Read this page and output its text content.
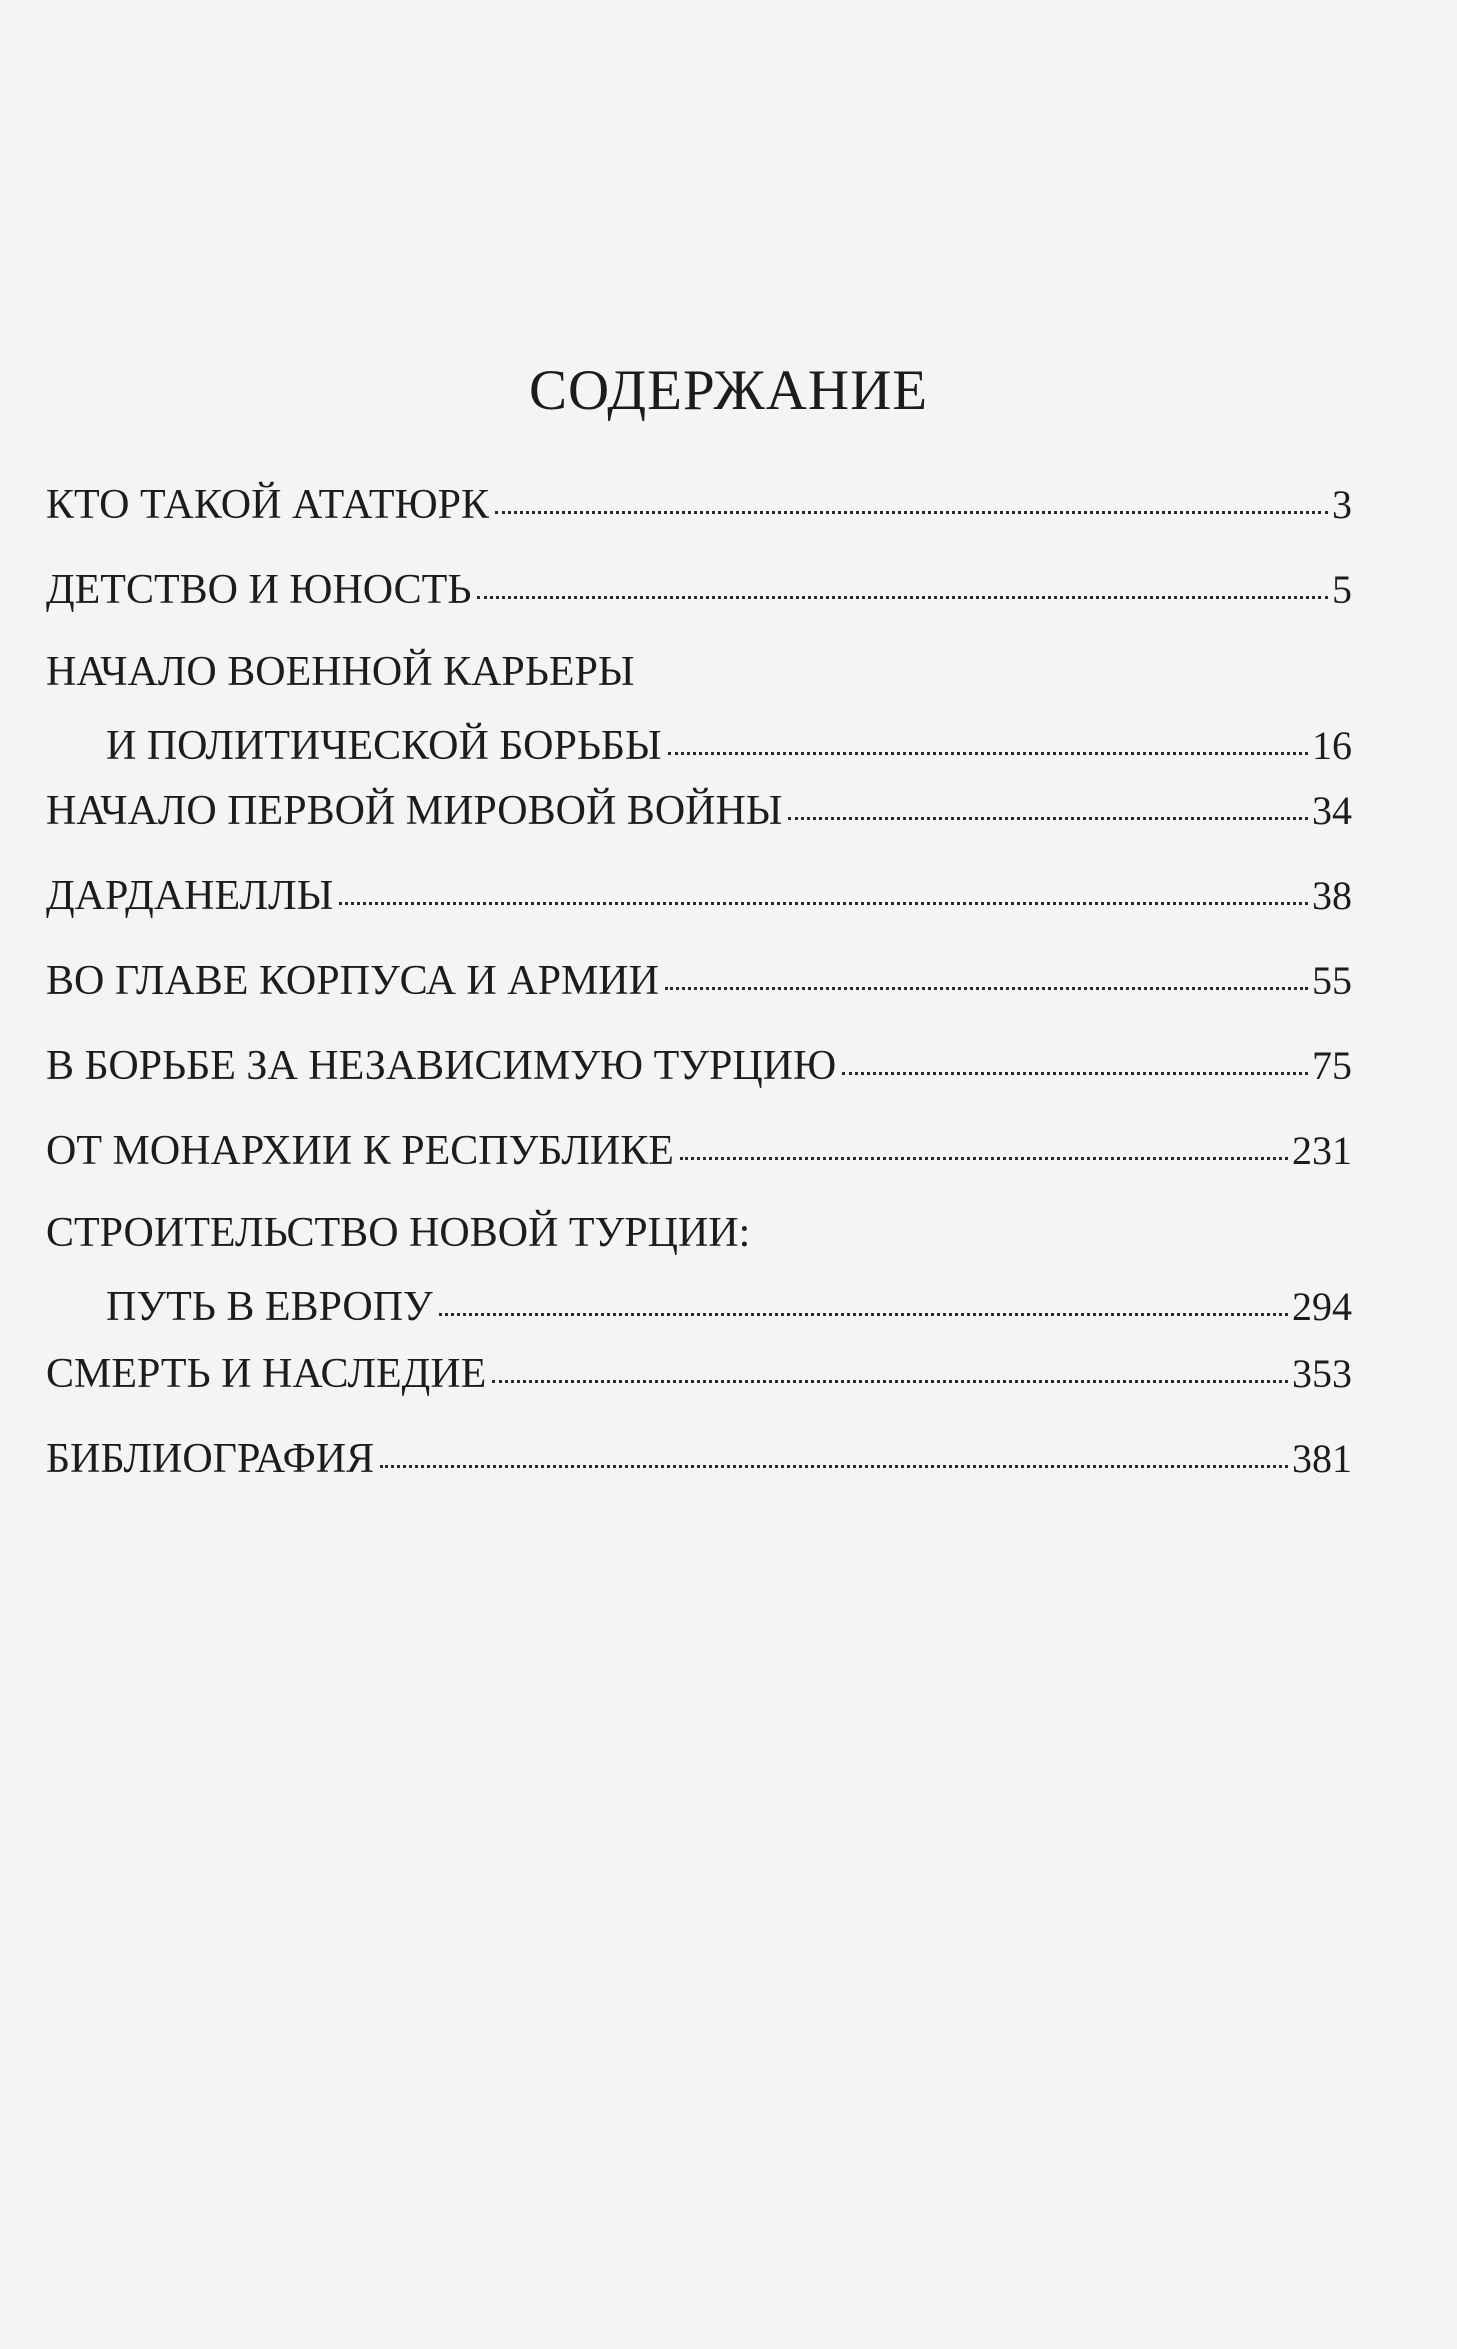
СОДЕРЖАНИЕ
КТО ТАКОЙ АТАТЮРК	3
ДЕТСТВО И ЮНОСТЬ	5
НАЧАЛО ВОЕННОЙ КАРЬЕРЫ
И ПОЛИТИЧЕСКОЙ БОРЬБЫ	16
НАЧАЛО ПЕРВОЙ МИРОВОЙ ВОЙНЫ	34
ДАРДАНЕЛЛЫ	38
ВО ГЛАВЕ КОРПУСА И АРМИИ	55
В БОРЬБЕ ЗА НЕЗАВИСИМУЮ ТУРЦИЮ	75
ОТ МОНАРХИИ К РЕСПУБЛИКЕ	231
СТРОИТЕЛЬСТВО НОВОЙ ТУРЦИИ:
ПУТЬ В ЕВРОПУ	294
СМЕРТЬ И НАСЛЕДИЕ	353
БИБЛИОГРАФИЯ	381
